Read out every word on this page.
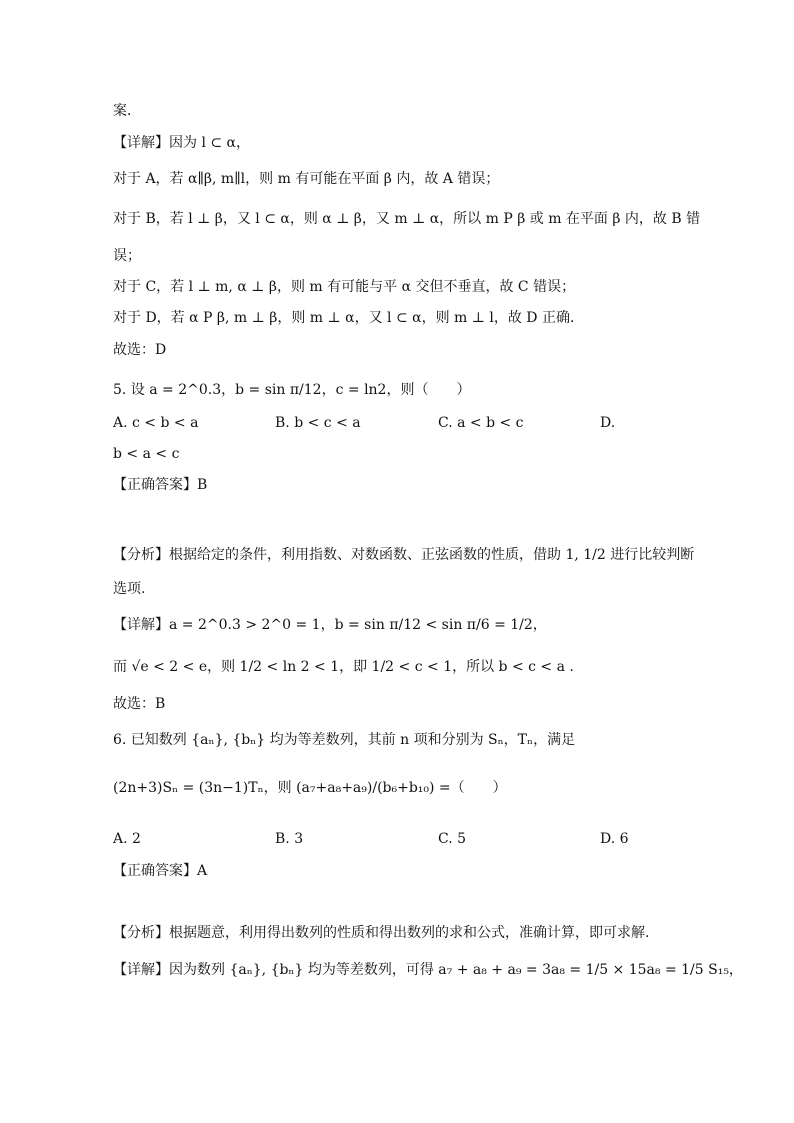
案．
【详解】因为 l ⊂ α，
对于 A，若 α∥β, m∥l，则 m 有可能在平面 β 内，故 A 错误；
对于 B，若 l ⊥ β，又 l ⊂ α，则 α ⊥ β，又 m ⊥ α，所以 m P β 或 m 在平面 β 内，故 B 错
误；
对于 C，若 l ⊥ m, α ⊥ β，则 m 有可能与平 α 交但不垂直，故 C 错误；
对于 D，若 α P β, m ⊥ β，则 m ⊥ α，又 l ⊂ α，则 m ⊥ l，故 D 正确．
故选：D
5. 设 a = 2^0.3，b = sin π/12，c = ln2，则（　　）
A. c < b < a	B. b < c < a	C. a < b < c	D.
b < a < c
【正确答案】B
【分析】根据给定的条件，利用指数、对数函数、正弦函数的性质，借助 1, 1/2 进行比较判断
选项.
【详解】a = 2^0.3 > 2^0 = 1，b = sin π/12 < sin π/6 = 1/2，
而 √e < 2 < e，则 1/2 < ln 2 < 1，即 1/2 < c < 1，所以 b < c < a .
故选：B
6. 已知数列 {aₙ}, {bₙ} 均为等差数列，其前 n 项和分别为 Sₙ，Tₙ，满足
(2n+3)Sₙ = (3n−1)Tₙ，则 (a₇+a₈+a₉)/(b₆+b₁₀) =（　　）
A. 2	B. 3	C. 5	D. 6
【正确答案】A
【分析】根据题意，利用得出数列的性质和得出数列的求和公式，准确计算，即可求解.
【详解】因为数列 {aₙ}, {bₙ} 均为等差数列，可得 a₇ + a₈ + a₉ = 3a₈ = 1/5 × 15a₈ = 1/5 S₁₅，
